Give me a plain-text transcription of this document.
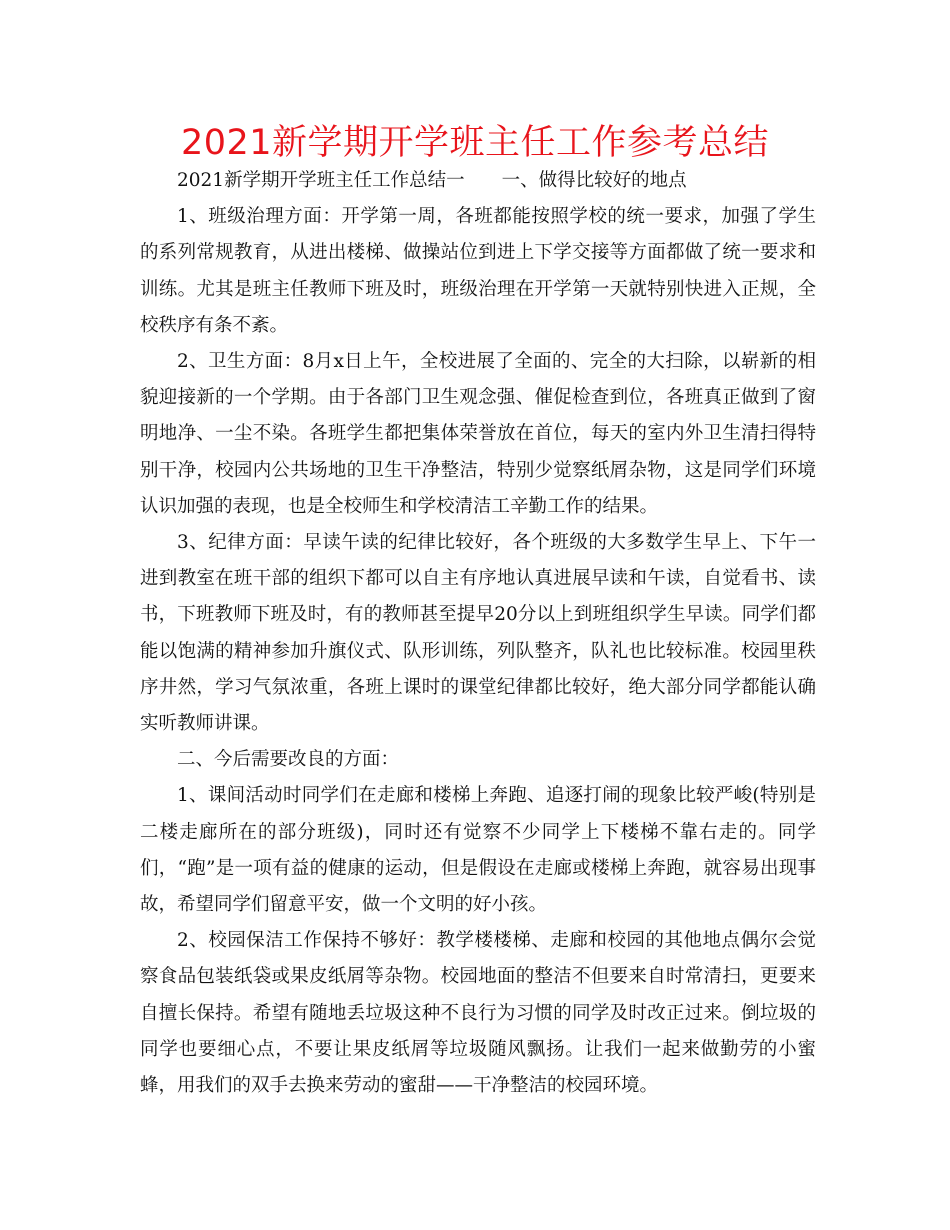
2021新学期开学班主任工作参考总结

2021新学期开学班主任工作总结一　　一、做得比较好的地点

1、班级治理方面：开学第一周，各班都能按照学校的统一要求，加强了学生的系列常规教育，从进出楼梯、做操站位到进上下学交接等方面都做了统一要求和训练。尤其是班主任教师下班及时，班级治理在开学第一天就特别快进入正规，全校秩序有条不紊。

2、卫生方面：8月x日上午，全校进展了全面的、完全的大扫除，以崭新的相貌迎接新的一个学期。由于各部门卫生观念强、催促检查到位，各班真正做到了窗明地净、一尘不染。各班学生都把集体荣誉放在首位，每天的室内外卫生清扫得特别干净，校园内公共场地的卫生干净整洁，特别少觉察纸屑杂物，这是同学们环境认识加强的表现，也是全校师生和学校清洁工辛勤工作的结果。

3、纪律方面：早读午读的纪律比较好，各个班级的大多数学生早上、下午一进到教室在班干部的组织下都可以自主有序地认真进展早读和午读，自觉看书、读书，下班教师下班及时，有的教师甚至提早20分以上到班组织学生早读。同学们都能以饱满的精神参加升旗仪式、队形训练，列队整齐，队礼也比较标准。校园里秩序井然，学习气氛浓重，各班上课时的课堂纪律都比较好，绝大部分同学都能认确实听教师讲课。

二、今后需要改良的方面：

1、课间活动时同学们在走廊和楼梯上奔跑、追逐打闹的现象比较严峻(特别是二楼走廊所在的部分班级)，同时还有觉察不少同学上下楼梯不靠右走的。同学们，“跑”是一项有益的健康的运动，但是假设在走廊或楼梯上奔跑，就容易出现事故，希望同学们留意平安，做一个文明的好小孩。

2、校园保洁工作保持不够好：教学楼楼梯、走廊和校园的其他地点偶尔会觉察食品包装纸袋或果皮纸屑等杂物。校园地面的整洁不但要来自时常清扫，更要来自擅长保持。希望有随地丢垃圾这种不良行为习惯的同学及时改正过来。倒垃圾的同学也要细心点，不要让果皮纸屑等垃圾随风飘扬。让我们一起来做勤劳的小蜜蜂，用我们的双手去换来劳动的蜜甜——干净整洁的校园环境。
